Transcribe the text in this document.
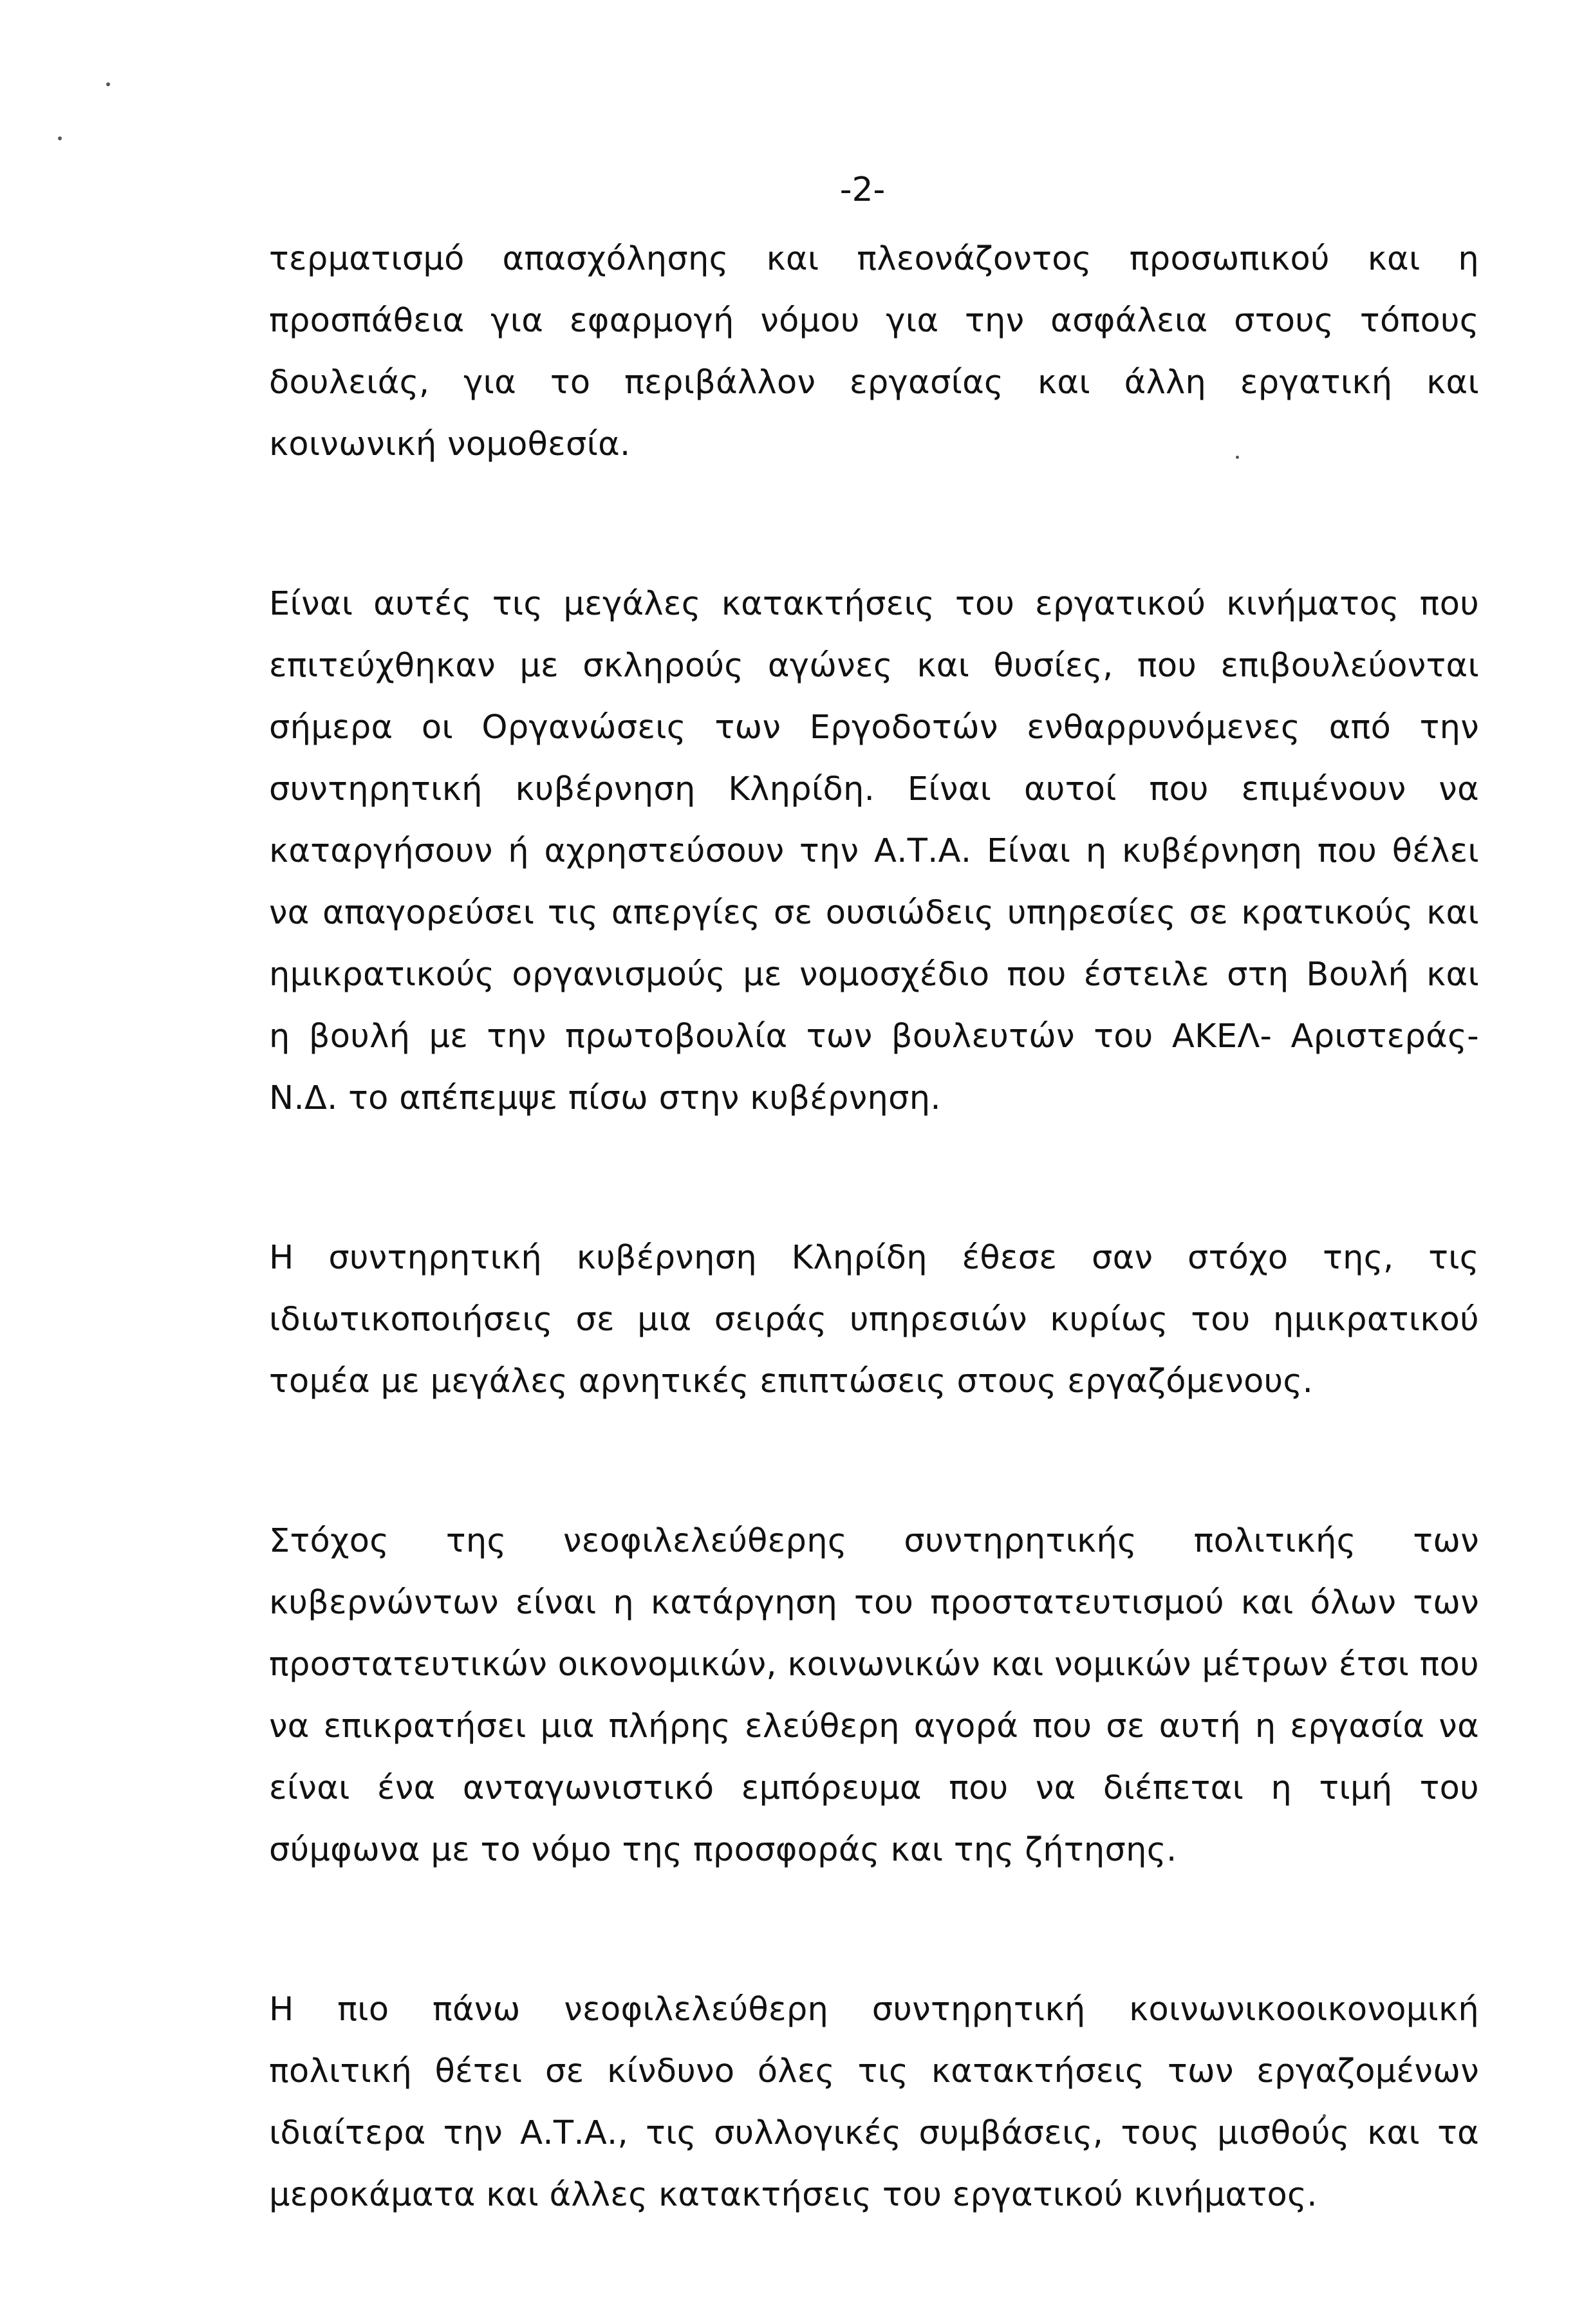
-2-
τερματισμό απασχόλησης και πλεονάζοντος προσωπικού και η
προσπάθεια για εφαρμογή νόμου για την ασφάλεια στους τόπους
δουλειάς, για το περιβάλλον εργασίας και άλλη εργατική και
κοινωνική νομοθεσία.
Είναι αυτές τις μεγάλες κατακτήσεις του εργατικού κινήματος που
επιτεύχθηκαν με σκληρούς αγώνες και θυσίες, που επιβουλεύονται
σήμερα οι Οργανώσεις των Εργοδοτών ενθαρρυνόμενες από την
συντηρητική κυβέρνηση Κληρίδη. Είναι αυτοί που επιμένουν να
καταργήσουν ή αχρηστεύσουν την Α.Τ.Α. Είναι η κυβέρνηση που θέλει
να απαγορεύσει τις απεργίες σε ουσιώδεις υπηρεσίες σε κρατικούς και
ημικρατικούς οργανισμούς με νομοσχέδιο που έστειλε στη Βουλή και
η βουλή με την πρωτοβουλία των βουλευτών του ΑΚΕΛ- Αριστεράς-
Ν.Δ. το απέπεμψε πίσω στην κυβέρνηση.
Η συντηρητική κυβέρνηση Κληρίδη έθεσε σαν στόχο της, τις
ιδιωτικοποιήσεις σε μια σειράς υπηρεσιών κυρίως του ημικρατικού
τομέα με μεγάλες αρνητικές επιπτώσεις στους εργαζόμενους.
Στόχος της νεοφιλελεύθερης συντηρητικής πολιτικής των
κυβερνώντων είναι η κατάργηση του προστατευτισμού και όλων των
προστατευτικών οικονομικών, κοινωνικών και νομικών μέτρων έτσι που
να επικρατήσει μια πλήρης ελεύθερη αγορά που σε αυτή η εργασία να
είναι ένα ανταγωνιστικό εμπόρευμα που να διέπεται η τιμή του
σύμφωνα με το νόμο της προσφοράς και της ζήτησης.
Η πιο πάνω νεοφιλελεύθερη συντηρητική κοινωνικοοικονομική
πολιτική θέτει σε κίνδυνο όλες τις κατακτήσεις των εργαζομένων
ιδιαίτερα την Α.Τ.Α., τις συλλογικές συμβάσεις, τους μισθούς και τα
μεροκάματα και άλλες κατακτήσεις του εργατικού κινήματος.
